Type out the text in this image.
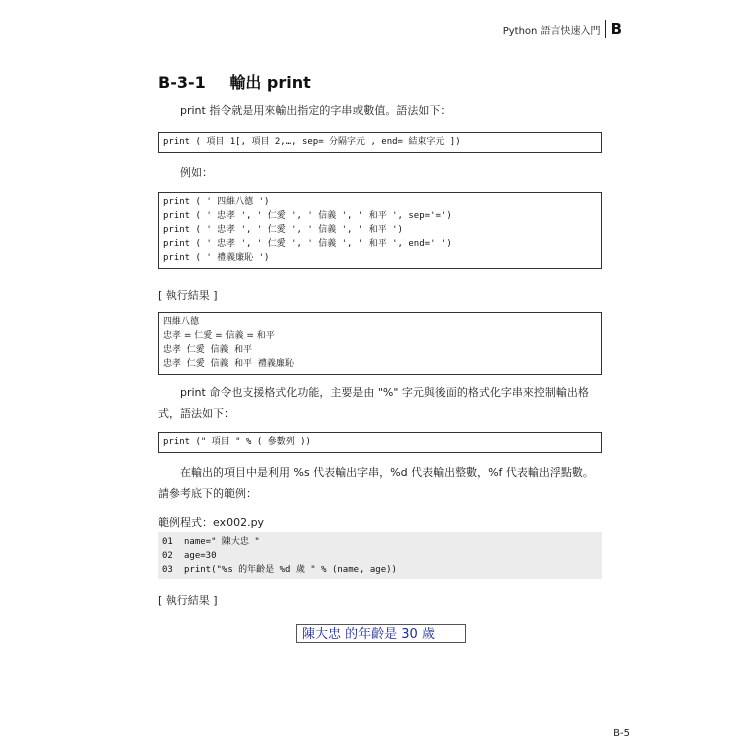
Python 語言快速入門 B
B-3-1 輸出 print
print 指令就是用來輸出指定的字串或數值。語法如下：
print ( 項目 1[, 項目 2,…, sep= 分隔字元 , end= 結束字元 ])
例如：
print ( ' 四維八德 ')
print ( ' 忠孝 ', ' 仁愛 ', ' 信義 ', ' 和平 ', sep='=')
print ( ' 忠孝 ', ' 仁愛 ', ' 信義 ', ' 和平 ')
print ( ' 忠孝 ', ' 仁愛 ', ' 信義 ', ' 和平 ', end=' ')
print ( ' 禮義廉恥 ')
[ 執行結果 ]
四維八德
忠孝 = 仁愛 = 信義 = 和平
忠孝  仁愛  信義  和平
忠孝  仁愛  信義  和平  禮義廉恥
print 命令也支援格式化功能，主要是由 "%" 字元與後面的格式化字串來控制輸出格式，語法如下：
print (" 項目 " % ( 參數列 ))
在輸出的項目中是利用 %s 代表輸出字串，%d 代表輸出整數，%f 代表輸出浮點數。請參考底下的範例：
範例程式：ex002.py
01 name=" 陳大忠 "
02 age=30
03 print("%s 的年齡是 %d 歲 " % (name, age))
[ 執行結果 ]
陳大忠 的年齡是 30 歲
B-5
